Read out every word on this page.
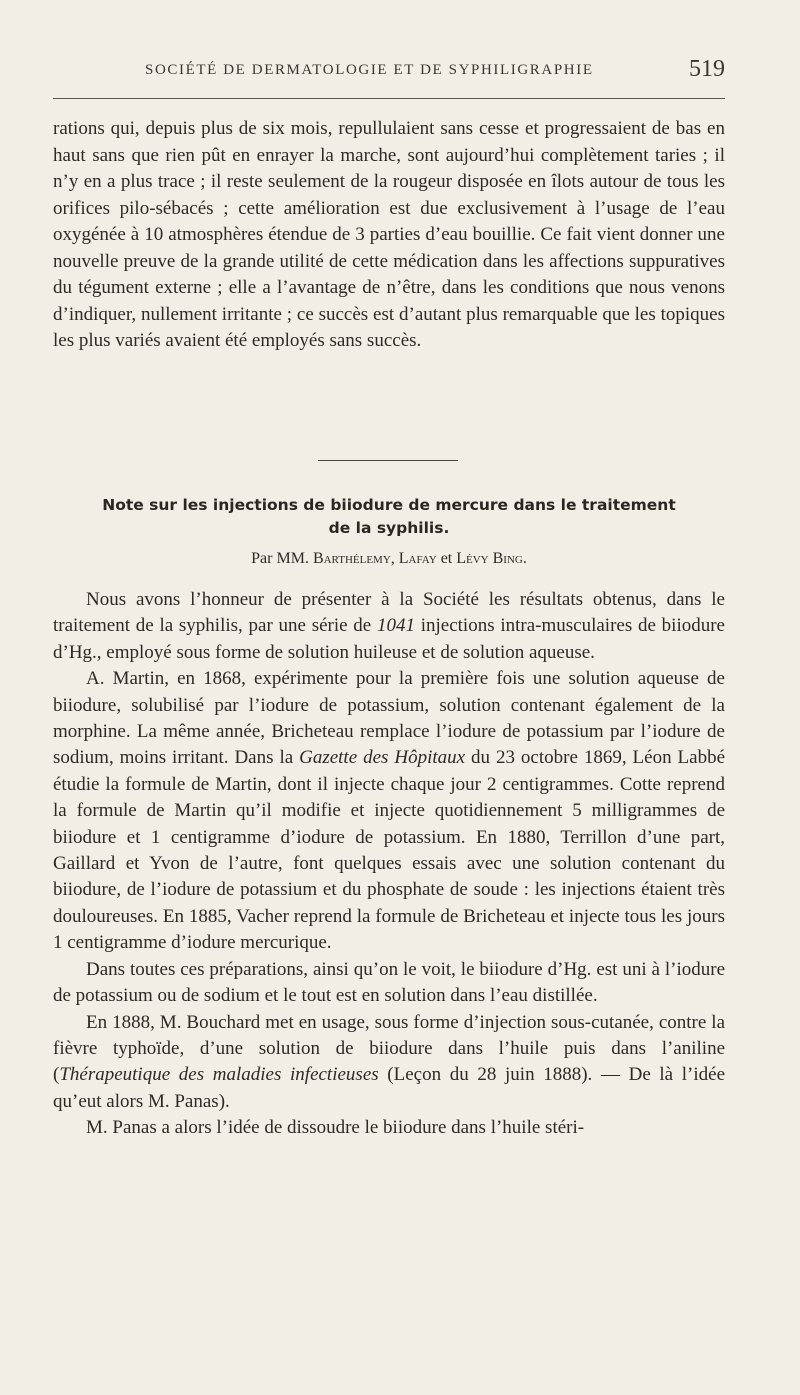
SOCIÉTÉ DE DERMATOLOGIE ET DE SYPHILIGRAPHIE	519

rations qui, depuis plus de six mois, repullulaient sans cesse et progressaient de bas en haut sans que rien pût en enrayer la marche, sont aujourd’hui complètement taries ; il n’y en a plus trace ; il reste seulement de la rougeur disposée en îlots autour de tous les orifices pilo-sébacés ; cette amélioration est due exclusivement à l’usage de l’eau oxygénée à 10 atmosphères étendue de 3 parties d’eau bouillie. Ce fait vient donner une nouvelle preuve de la grande utilité de cette médication dans les affections suppuratives du tégument externe ; elle a l’avantage de n’être, dans les conditions que nous venons d’indiquer, nullement irritante ; ce succès est d’autant plus remarquable que les topiques les plus variés avaient été employés sans succès.

Note sur les injections de biiodure de mercure dans le traitement
de la syphilis.
Par MM. Barthélemy, Lafay et Lévy Bing.

Nous avons l’honneur de présenter à la Société les résultats obtenus, dans le traitement de la syphilis, par une série de 1041 injections intra-musculaires de biiodure d’Hg., employé sous forme de solution huileuse et de solution aqueuse.

A. Martin, en 1868, expérimente pour la première fois une solution aqueuse de biiodure, solubilisé par l’iodure de potassium, solution contenant également de la morphine. La même année, Bricheteau remplace l’iodure de potassium par l’iodure de sodium, moins irritant. Dans la Gazette des Hôpitaux du 23 octobre 1869, Léon Labbé étudie la formule de Martin, dont il injecte chaque jour 2 centigrammes. Cotte reprend la formule de Martin qu’il modifie et injecte quotidiennement 5 milligrammes de biiodure et 1 centigramme d’iodure de potassium. En 1880, Terrillon d’une part, Gaillard et Yvon de l’autre, font quelques essais avec une solution contenant du biiodure, de l’iodure de potassium et du phosphate de soude : les injections étaient très douloureuses. En 1885, Vacher reprend la formule de Bricheteau et injecte tous les jours 1 centigramme d’iodure mercurique.

Dans toutes ces préparations, ainsi qu’on le voit, le biiodure d’Hg. est uni à l’iodure de potassium ou de sodium et le tout est en solution dans l’eau distillée.

En 1888, M. Bouchard met en usage, sous forme d’injection sous-cutanée, contre la fièvre typhoïde, d’une solution de biiodure dans l’huile puis dans l’aniline (Thérapeutique des maladies infectieuses (Leçon du 28 juin 1888). — De là l’idée qu’eut alors M. Panas).

M. Panas a alors l’idée de dissoudre le biiodure dans l’huile stéri-
